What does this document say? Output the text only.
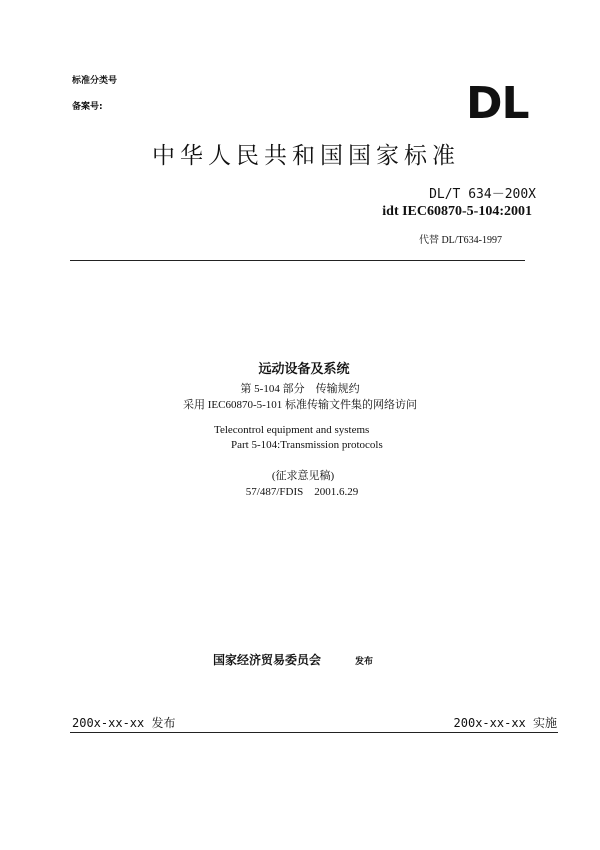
标准分类号
备案号:	DL
中华人民共和国国家标准
DL/T 634－200X
idt IEC60870-5-104:2001
代替 DL/T634-1997
远动设备及系统
第 5-104 部分　传输规约
采用 IEC60870-5-101 标准传输文件集的网络访问
Telecontrol equipment and systems
Part 5-104:Transmission protocols
(征求意见稿)
57/487/FDIS　2001.6.29
国家经济贸易委员会	发布
200x-xx-xx 发布	200x-xx-xx 实施
